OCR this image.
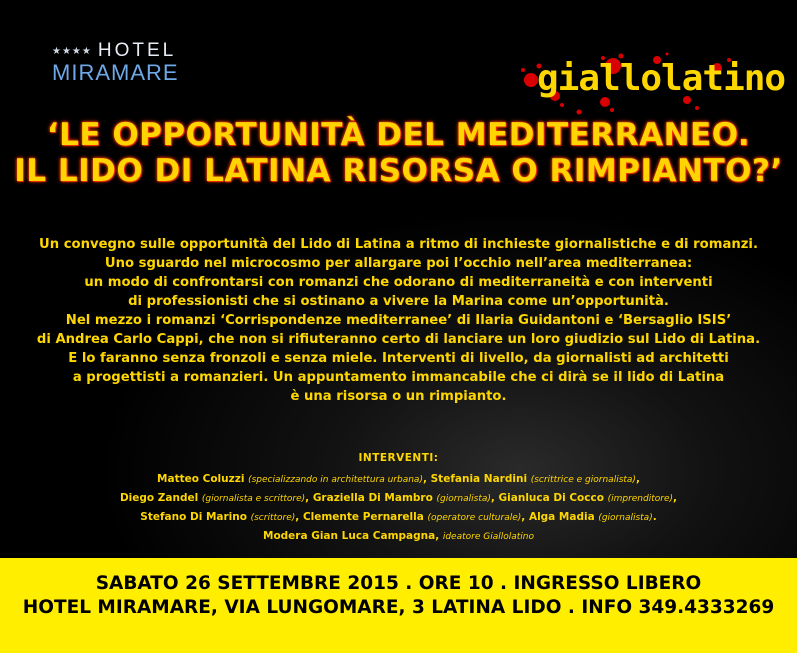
★★★★ HOTEL
MIRAMARE	giallolatino
‘LE OPPORTUNITÀ DEL MEDITERRANEO.
IL LIDO DI LATINA RISORSA O RIMPIANTO?’
Un convegno sulle opportunità del Lido di Latina a ritmo di inchieste giornalistiche e di romanzi.
Uno sguardo nel microcosmo per allargare poi l’occhio nell’area mediterranea:
un modo di confrontarsi con romanzi che odorano di mediterraneità e con interventi
di professionisti che si ostinano a vivere la Marina come un’opportunità.
Nel mezzo i romanzi ‘Corrispondenze mediterranee’ di Ilaria Guidantoni e ‘Bersaglio ISIS’
di Andrea Carlo Cappi, che non si rifiuteranno certo di lanciare un loro giudizio sul Lido di Latina.
E lo faranno senza fronzoli e senza miele. Interventi di livello, da giornalisti ad architetti
a progettisti a romanzieri. Un appuntamento immancabile che ci dirà se il lido di Latina
è una risorsa o un rimpianto.
INTERVENTI:
Matteo Coluzzi (specializzando in architettura urbana), Stefania Nardini (scrittrice e giornalista),
Diego Zandel (giornalista e scrittore), Graziella Di Mambro (giornalista), Gianluca Di Cocco (imprenditore),
Stefano Di Marino (scrittore), Clemente Pernarella (operatore culturale), Alga Madia (giornalista).
Modera Gian Luca Campagna, ideatore Giallolatino
SABATO 26 SETTEMBRE 2015 . ORE 10 . INGRESSO LIBERO
HOTEL MIRAMARE, VIA LUNGOMARE, 3 LATINA LIDO . INFO 349.4333269
